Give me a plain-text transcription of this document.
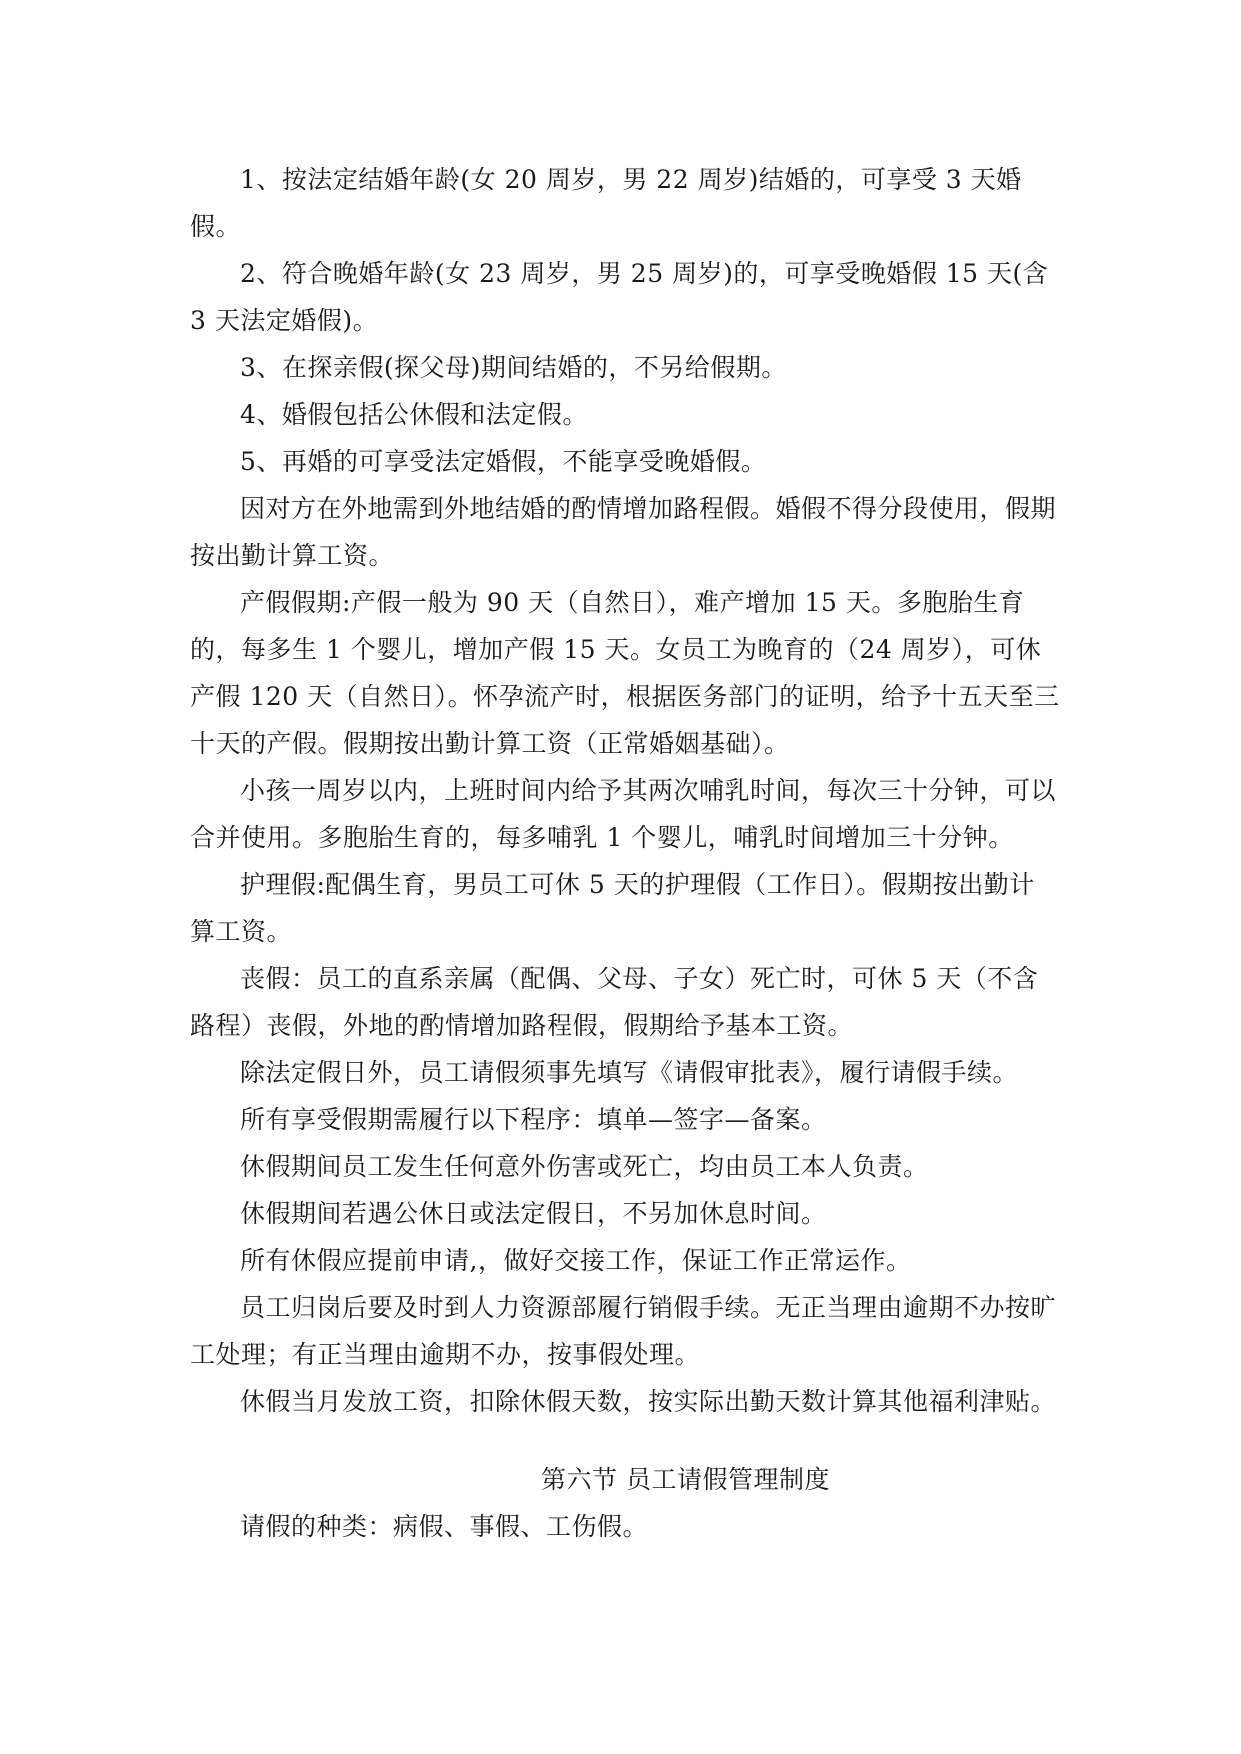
1、按法定结婚年龄(女 20 周岁，男 22 周岁)结婚的，可享受 3 天婚假。

2、符合晚婚年龄(女 23 周岁，男 25 周岁)的，可享受晚婚假 15 天(含 3 天法定婚假)。

3、在探亲假(探父母)期间结婚的，不另给假期。

4、婚假包括公休假和法定假。

5、再婚的可享受法定婚假，不能享受晚婚假。

因对方在外地需到外地结婚的酌情增加路程假。婚假不得分段使用，假期按出勤计算工资。

产假假期:产假一般为 90 天（自然日），难产增加 15 天。多胞胎生育的，每多生 1 个婴儿，增加产假 15 天。女员工为晚育的（24 周岁），可休产假 120 天（自然日）。怀孕流产时，根据医务部门的证明，给予十五天至三十天的产假。假期按出勤计算工资（正常婚姻基础）。

小孩一周岁以内，上班时间内给予其两次哺乳时间，每次三十分钟，可以合并使用。多胞胎生育的，每多哺乳 1 个婴儿，哺乳时间增加三十分钟。

护理假:配偶生育，男员工可休 5 天的护理假（工作日）。假期按出勤计算工资。

丧假：员工的直系亲属（配偶、父母、子女）死亡时，可休 5 天（不含路程）丧假，外地的酌情增加路程假，假期给予基本工资。

除法定假日外，员工请假须事先填写《请假审批表》，履行请假手续。

所有享受假期需履行以下程序：填单—签字—备案。

休假期间员工发生任何意外伤害或死亡，均由员工本人负责。

休假期间若遇公休日或法定假日，不另加休息时间。

所有休假应提前申请,，做好交接工作，保证工作正常运作。

员工归岗后要及时到人力资源部履行销假手续。无正当理由逾期不办按旷工处理；有正当理由逾期不办，按事假处理。

休假当月发放工资，扣除休假天数，按实际出勤天数计算其他福利津贴。

第六节 员工请假管理制度

请假的种类：病假、事假、工伤假。
